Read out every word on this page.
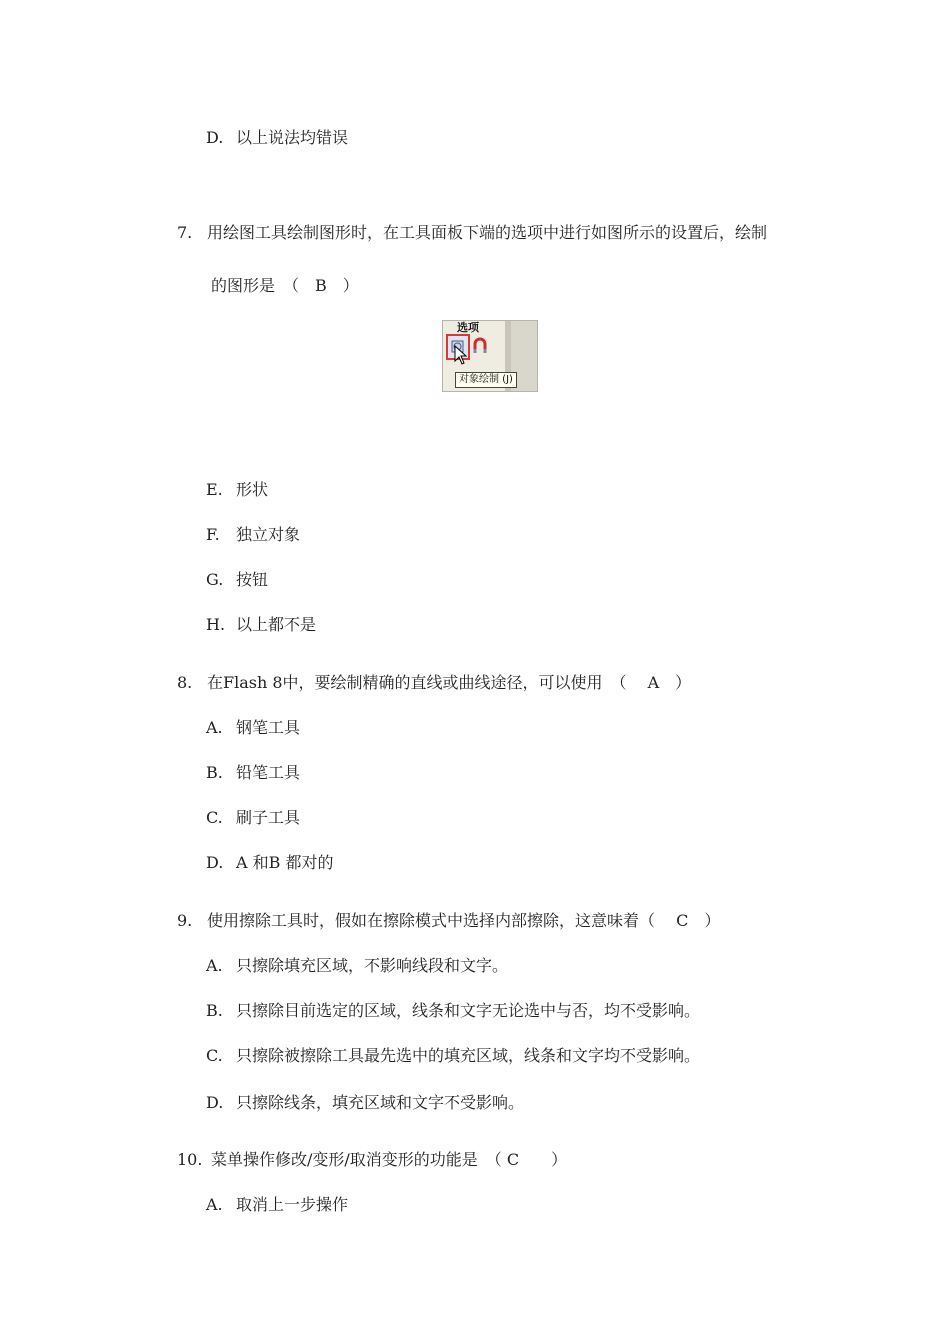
D. 以上说法均错误
7. 用绘图工具绘制图形时，在工具面板下端的选项中进行如图所示的设置后，绘制
的图形是　（　B　）
选项
对象绘制 (J)
E. 形状
F. 独立对象
G. 按钮
H. 以上都不是
8. 在Flash 8中，要绘制精确的直线或曲线途径，可以使用　（　 A　）
A. 钢笔工具
B. 铅笔工具
C. 刷子工具
D. A 和B 都对的
9. 使用擦除工具时，假如在擦除模式中选择内部擦除，这意味着（　 C　）
A. 只擦除填充区域，不影响线段和文字。
B. 只擦除目前选定的区域，线条和文字无论选中与否，均不受影响。
C. 只擦除被擦除工具最先选中的填充区域，线条和文字均不受影响。
D. 只擦除线条，填充区域和文字不受影响。
10. 菜单操作修改/变形/取消变形的功能是　（ C　　）
A. 取消上一步操作
